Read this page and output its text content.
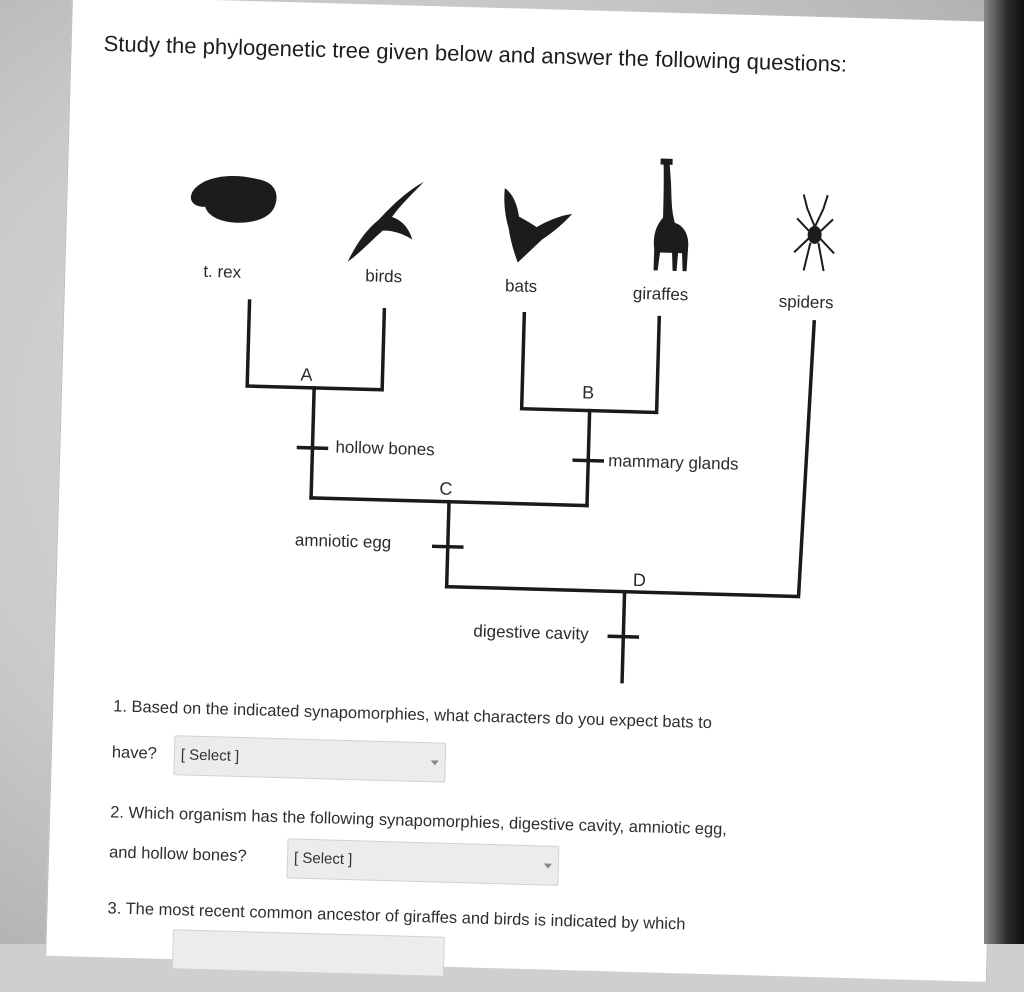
Study the phylogenetic tree given below and answer the following questions:
t. rex	birds	bats	giraffes	spiders
A
B
C
D
hollow bones
mammary glands
amniotic egg
digestive cavity
1. Based on the indicated synapomorphies, what characters do you expect bats to
have? [ Select ]
2. Which organism has the following synapomorphies, digestive cavity, amniotic egg,
and hollow bones?	[ Select ]
3. The most recent common ancestor of giraffes and birds is indicated by which
